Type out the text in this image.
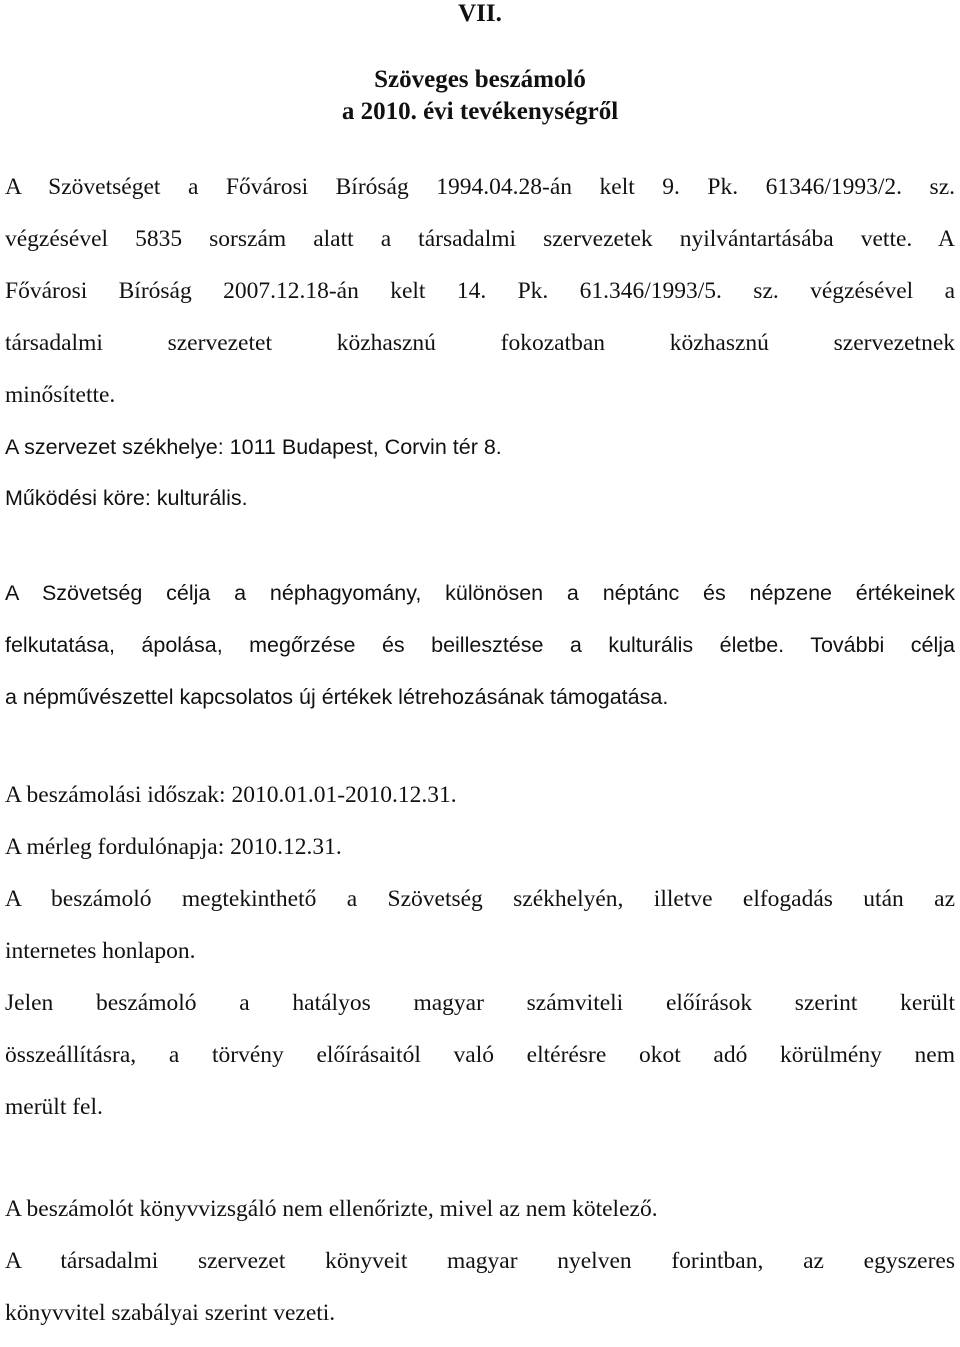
VII.
Szöveges beszámoló
a 2010. évi tevékenységről
A Szövetséget a Fővárosi Bíróság 1994.04.28-án kelt 9. Pk. 61346/1993/2. sz.
végzésével 5835 sorszám alatt a társadalmi szervezetek nyilvántartásába vette. A
Fővárosi Bíróság 2007.12.18-án kelt 14. Pk. 61.346/1993/5. sz. végzésével a
társadalmi szervezetet közhasznú fokozatban közhasznú szervezetnek
minősítette.
A szervezet székhelye: 1011 Budapest, Corvin tér 8.
Működési köre: kulturális.
A Szövetség célja a néphagyomány, különösen a néptánc és népzene értékeinek
felkutatása, ápolása, megőrzése és beillesztése a kulturális életbe. További célja
a népművészettel kapcsolatos új értékek létrehozásának támogatása.
A beszámolási időszak: 2010.01.01-2010.12.31.
A mérleg fordulónapja: 2010.12.31.
A beszámoló megtekinthető a Szövetség székhelyén, illetve elfogadás után az
internetes honlapon.
Jelen beszámoló a hatályos magyar számviteli előírások szerint került
összeállításra, a törvény előírásaitól való eltérésre okot adó körülmény nem
merült fel.
A beszámolót könyvvizsgáló nem ellenőrizte, mivel az nem kötelező.
A társadalmi szervezet könyveit magyar nyelven forintban, az egyszeres
könyvvitel szabályai szerint vezeti.
